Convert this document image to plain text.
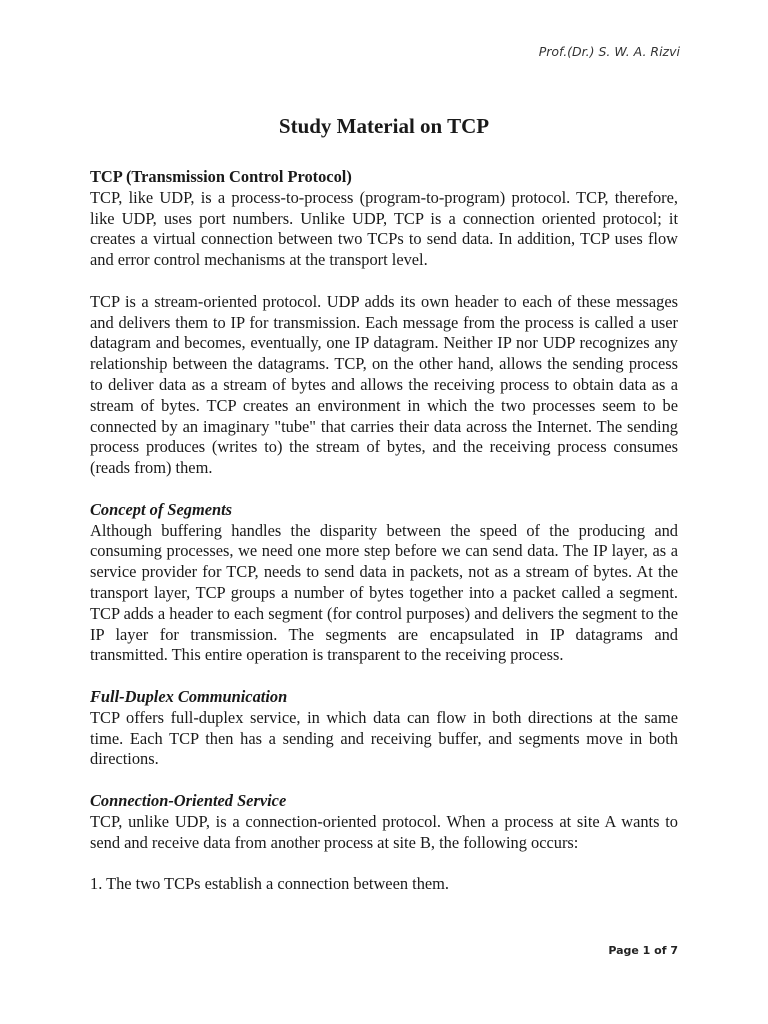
Prof.(Dr.) S. W. A. Rizvi
Study Material on TCP

TCP (Transmission Control Protocol)
TCP, like UDP, is a process-to-process (program-to-program) protocol. TCP, therefore, like UDP, uses port numbers. Unlike UDP, TCP is a connection oriented protocol; it creates a virtual connection between two TCPs to send data. In addition, TCP uses flow and error control mechanisms at the transport level.

TCP is a stream-oriented protocol. UDP adds its own header to each of these messages and delivers them to IP for transmission. Each message from the process is called a user datagram and becomes, eventually, one IP datagram. Neither IP nor UDP recognizes any relationship between the datagrams. TCP, on the other hand, allows the sending process to deliver data as a stream of bytes and allows the receiving process to obtain data as a stream of bytes. TCP creates an environment in which the two processes seem to be connected by an imaginary "tube" that carries their data across the Internet. The sending process produces (writes to) the stream of bytes, and the receiving process consumes (reads from) them.

Concept of Segments
Although buffering handles the disparity between the speed of the producing and consuming processes, we need one more step before we can send data. The IP layer, as a service provider for TCP, needs to send data in packets, not as a stream of bytes. At the transport layer, TCP groups a number of bytes together into a packet called a segment. TCP adds a header to each segment (for control purposes) and delivers the segment to the IP layer for transmission. The segments are encapsulated in IP datagrams and transmitted. This entire operation is transparent to the receiving process.

Full-Duplex Communication
TCP offers full-duplex service, in which data can flow in both directions at the same time. Each TCP then has a sending and receiving buffer, and segments move in both directions.

Connection-Oriented Service
TCP, unlike UDP, is a connection-oriented protocol. When a process at site A wants to send and receive data from another process at site B, the following occurs:

1. The two TCPs establish a connection between them.

Page 1 of 7
